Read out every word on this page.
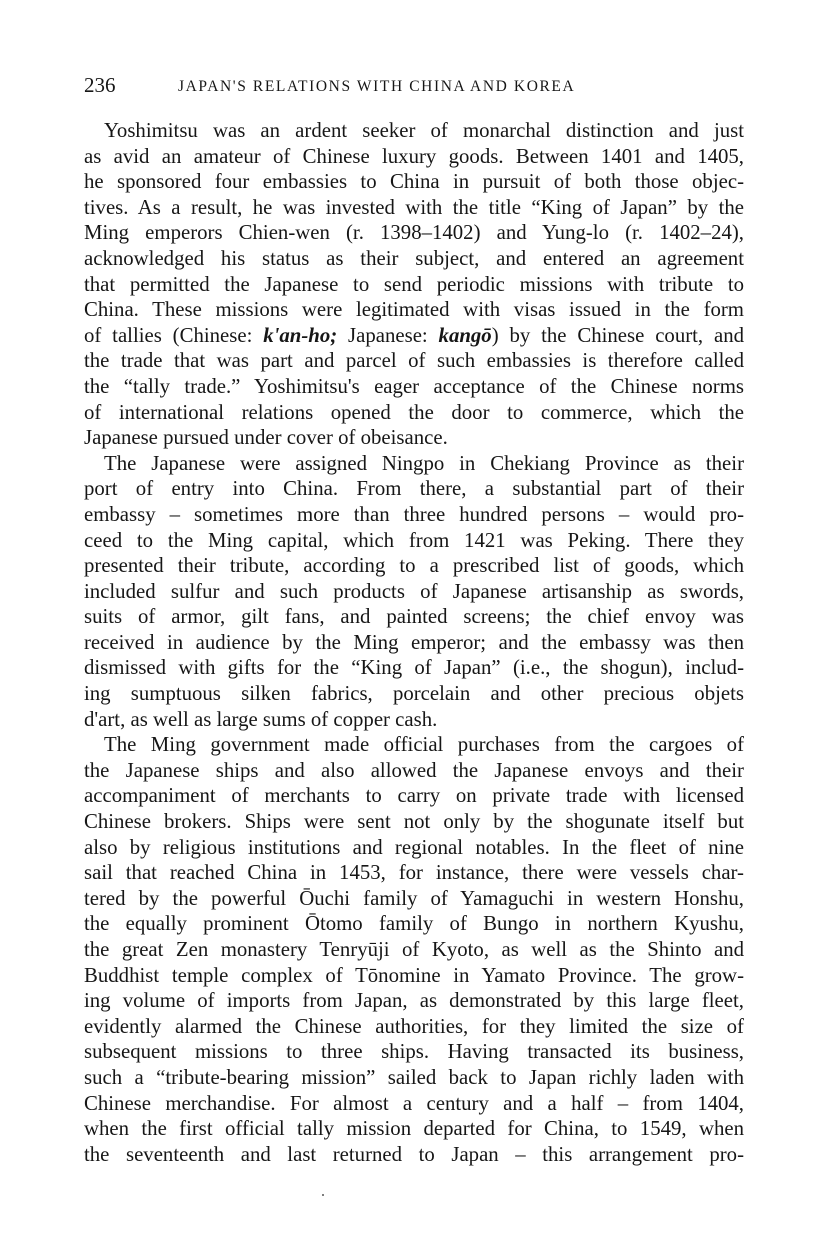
236	JAPAN'S RELATIONS WITH CHINA AND KOREA
Yoshimitsu was an ardent seeker of monarchal distinction and just
as avid an amateur of Chinese luxury goods. Between 1401 and 1405,
he sponsored four embassies to China in pursuit of both those objec-
tives. As a result, he was invested with the title “King of Japan” by the
Ming emperors Chien-wen (r. 1398–1402) and Yung-lo (r. 1402–24),
acknowledged his status as their subject, and entered an agreement
that permitted the Japanese to send periodic missions with tribute to
China. These missions were legitimated with visas issued in the form
of tallies (Chinese: k'an-ho; Japanese: kangō) by the Chinese court, and
the trade that was part and parcel of such embassies is therefore called
the “tally trade.” Yoshimitsu's eager acceptance of the Chinese norms
of international relations opened the door to commerce, which the
Japanese pursued under cover of obeisance.
The Japanese were assigned Ningpo in Chekiang Province as their
port of entry into China. From there, a substantial part of their
embassy – sometimes more than three hundred persons – would pro-
ceed to the Ming capital, which from 1421 was Peking. There they
presented their tribute, according to a prescribed list of goods, which
included sulfur and such products of Japanese artisanship as swords,
suits of armor, gilt fans, and painted screens; the chief envoy was
received in audience by the Ming emperor; and the embassy was then
dismissed with gifts for the “King of Japan” (i.e., the shogun), includ-
ing sumptuous silken fabrics, porcelain and other precious objets
d'art, as well as large sums of copper cash.
The Ming government made official purchases from the cargoes of
the Japanese ships and also allowed the Japanese envoys and their
accompaniment of merchants to carry on private trade with licensed
Chinese brokers. Ships were sent not only by the shogunate itself but
also by religious institutions and regional notables. In the fleet of nine
sail that reached China in 1453, for instance, there were vessels char-
tered by the powerful Ōuchi family of Yamaguchi in western Honshu,
the equally prominent Ōtomo family of Bungo in northern Kyushu,
the great Zen monastery Tenryūji of Kyoto, as well as the Shinto and
Buddhist temple complex of Tōnomine in Yamato Province. The grow-
ing volume of imports from Japan, as demonstrated by this large fleet,
evidently alarmed the Chinese authorities, for they limited the size of
subsequent missions to three ships. Having transacted its business,
such a “tribute-bearing mission” sailed back to Japan richly laden with
Chinese merchandise. For almost a century and a half – from 1404,
when the first official tally mission departed for China, to 1549, when
the seventeenth and last returned to Japan – this arrangement pro-
